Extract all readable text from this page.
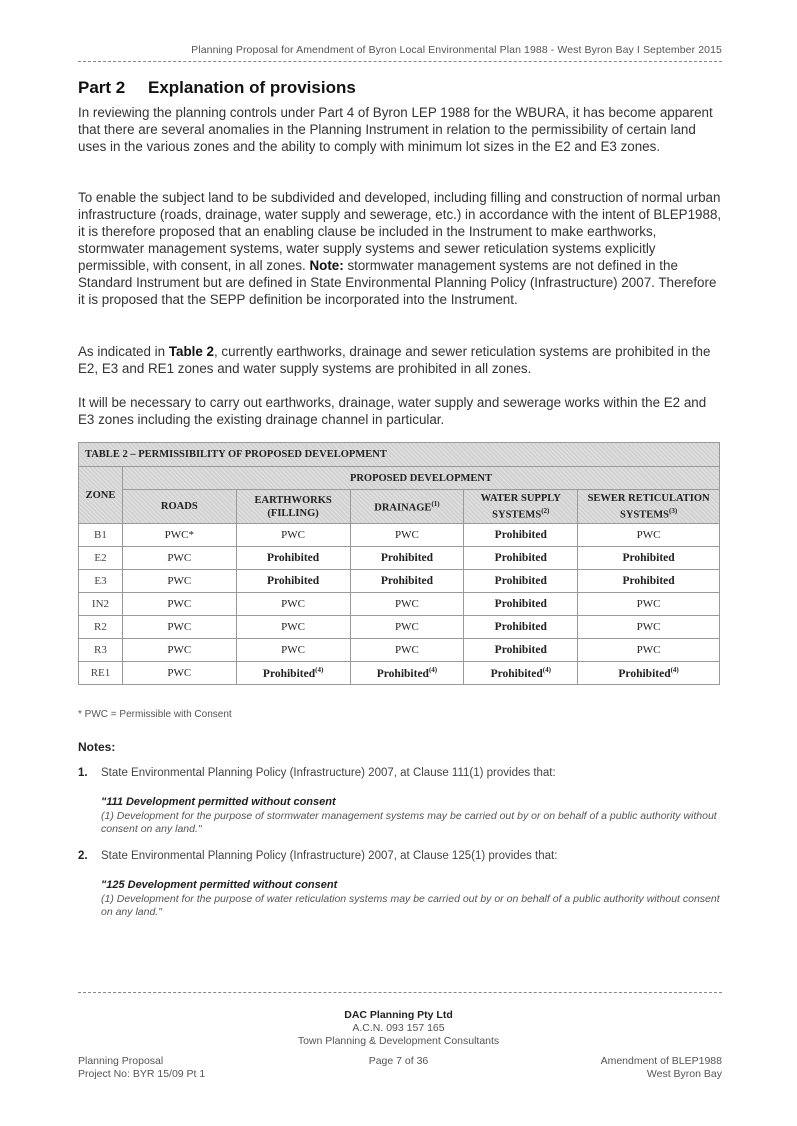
Planning Proposal for Amendment of Byron Local Environmental Plan 1988 - West Byron Bay I September 2015
Part 2 Explanation of provisions
In reviewing the planning controls under Part 4 of Byron LEP 1988 for the WBURA, it has become apparent that there are several anomalies in the Planning Instrument in relation to the permissibility of certain land uses in the various zones and the ability to comply with minimum lot sizes in the E2 and E3 zones.
To enable the subject land to be subdivided and developed, including filling and construction of normal urban infrastructure (roads, drainage, water supply and sewerage, etc.) in accordance with the intent of BLEP1988, it is therefore proposed that an enabling clause be included in the Instrument to make earthworks, stormwater management systems, water supply systems and sewer reticulation systems explicitly permissible, with consent, in all zones. Note: stormwater management systems are not defined in the Standard Instrument but are defined in State Environmental Planning Policy (Infrastructure) 2007. Therefore it is proposed that the SEPP definition be incorporated into the Instrument.
As indicated in Table 2, currently earthworks, drainage and sewer reticulation systems are prohibited in the E2, E3 and RE1 zones and water supply systems are prohibited in all zones.
It will be necessary to carry out earthworks, drainage, water supply and sewerage works within the E2 and E3 zones including the existing drainage channel in particular.
TABLE 2 – PERMISSIBILITY OF PROPOSED DEVELOPMENT					
ZONE	PROPOSED DEVELOPMENT				
	ROADS	EARTHWORKS (FILLING)	DRAINAGE$^{(1)}$	WATER SUPPLY SYSTEMS$^{(2)}$	SEWER RETICULATION SYSTEMS$^{(3)}$
B1	PWC*	PWC	PWC	Prohibited	PWC
E2	PWC	Prohibited	Prohibited	Prohibited	Prohibited
E3	PWC	Prohibited	Prohibited	Prohibited	Prohibited
IN2	PWC	PWC	PWC	Prohibited	PWC
R2	PWC	PWC	PWC	Prohibited	PWC
R3	PWC	PWC	PWC	Prohibited	PWC
RE1	PWC	Prohibited$^{(4)}$	Prohibited$^{(4)}$	Prohibited$^{(4)}$	Prohibited$^{(4)}$
* PWC = Permissible with Consent
Notes:
1. State Environmental Planning Policy (Infrastructure) 2007, at Clause 111(1) provides that:
"111 Development permitted without consent
(1) Development for the purpose of stormwater management systems may be carried out by or on behalf of a public authority without consent on any land."
2. State Environmental Planning Policy (Infrastructure) 2007, at Clause 125(1) provides that:
"125 Development permitted without consent
(1) Development for the purpose of water reticulation systems may be carried out by or on behalf of a public authority without consent on any land."
DAC Planning Pty Ltd
A.C.N. 093 157 165
Town Planning & Development Consultants
Planning Proposal
Project No: BYR 15/09 Pt 1
Page 7 of 36	Amendment of BLEP1988
West Byron Bay
